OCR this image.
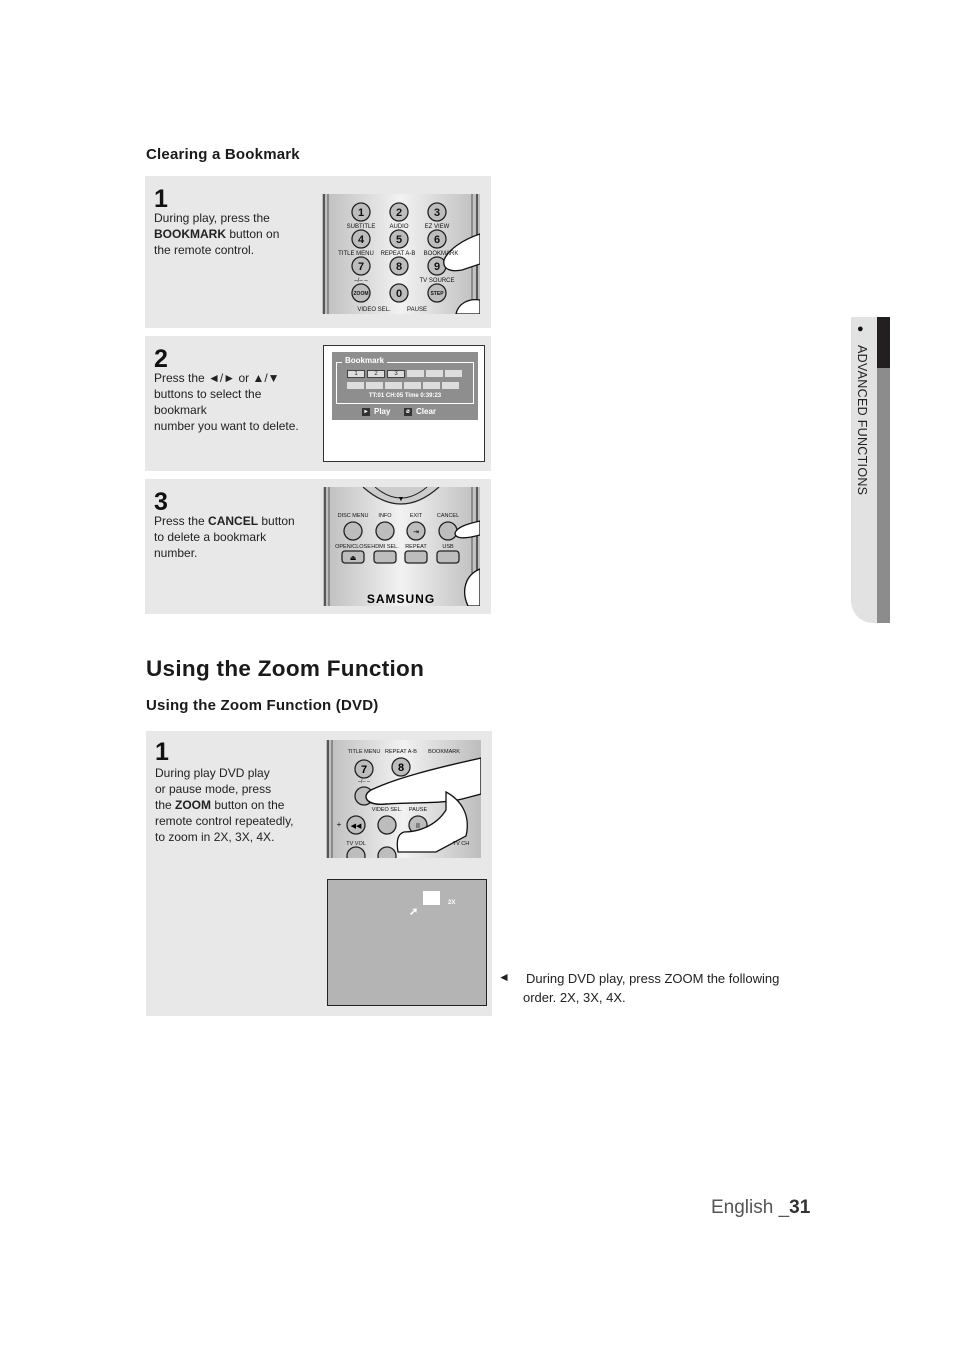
Clearing a Bookmark
1
During play, press the
BOOKMARK button on
the remote control.
1	2	3
4	5	6
7	8	9
ZOOM 0	STEP
SUBTITLE AUDIO	EZ VIEW
TITLE MENU REPEAT A-B BOOKMARK
–/– –	TV SOURCE
VIDEO SEL.	PAUSE
2
Press the ◄/► or ▲/▼
buttons to select the
bookmark
number you want to delete.
Bookmark
1	2	3
TT:01 CH:05 Time 0:39:23
▸ Play	ø Clear
3
Press the CANCEL button
to delete a bookmark
number.
▼
⏏
⇥
DISC MENU INFO	EXIT	CANCEL
OPEN/CLOSE HDMI SEL. REPEAT	USB
SAMSUNG
Using the Zoom Function
Using the Zoom Function (DVD)
1
During play DVD play
or pause mode, press
the ZOOM button on the
remote control repeatedly,
to zoom in 2X, 3X, 4X.
◀◀	II
7	8
TITLE MENU REPEAT A-B BOOKMARK
–/– –
VIDEO SEL. PAUSE
+
TV VOL	TV CH
➚
2X
◄ During DVD play, press ZOOM the following
order. 2X, 3X, 4X.
●
ADVANCED FUNCTIONS
English _31
